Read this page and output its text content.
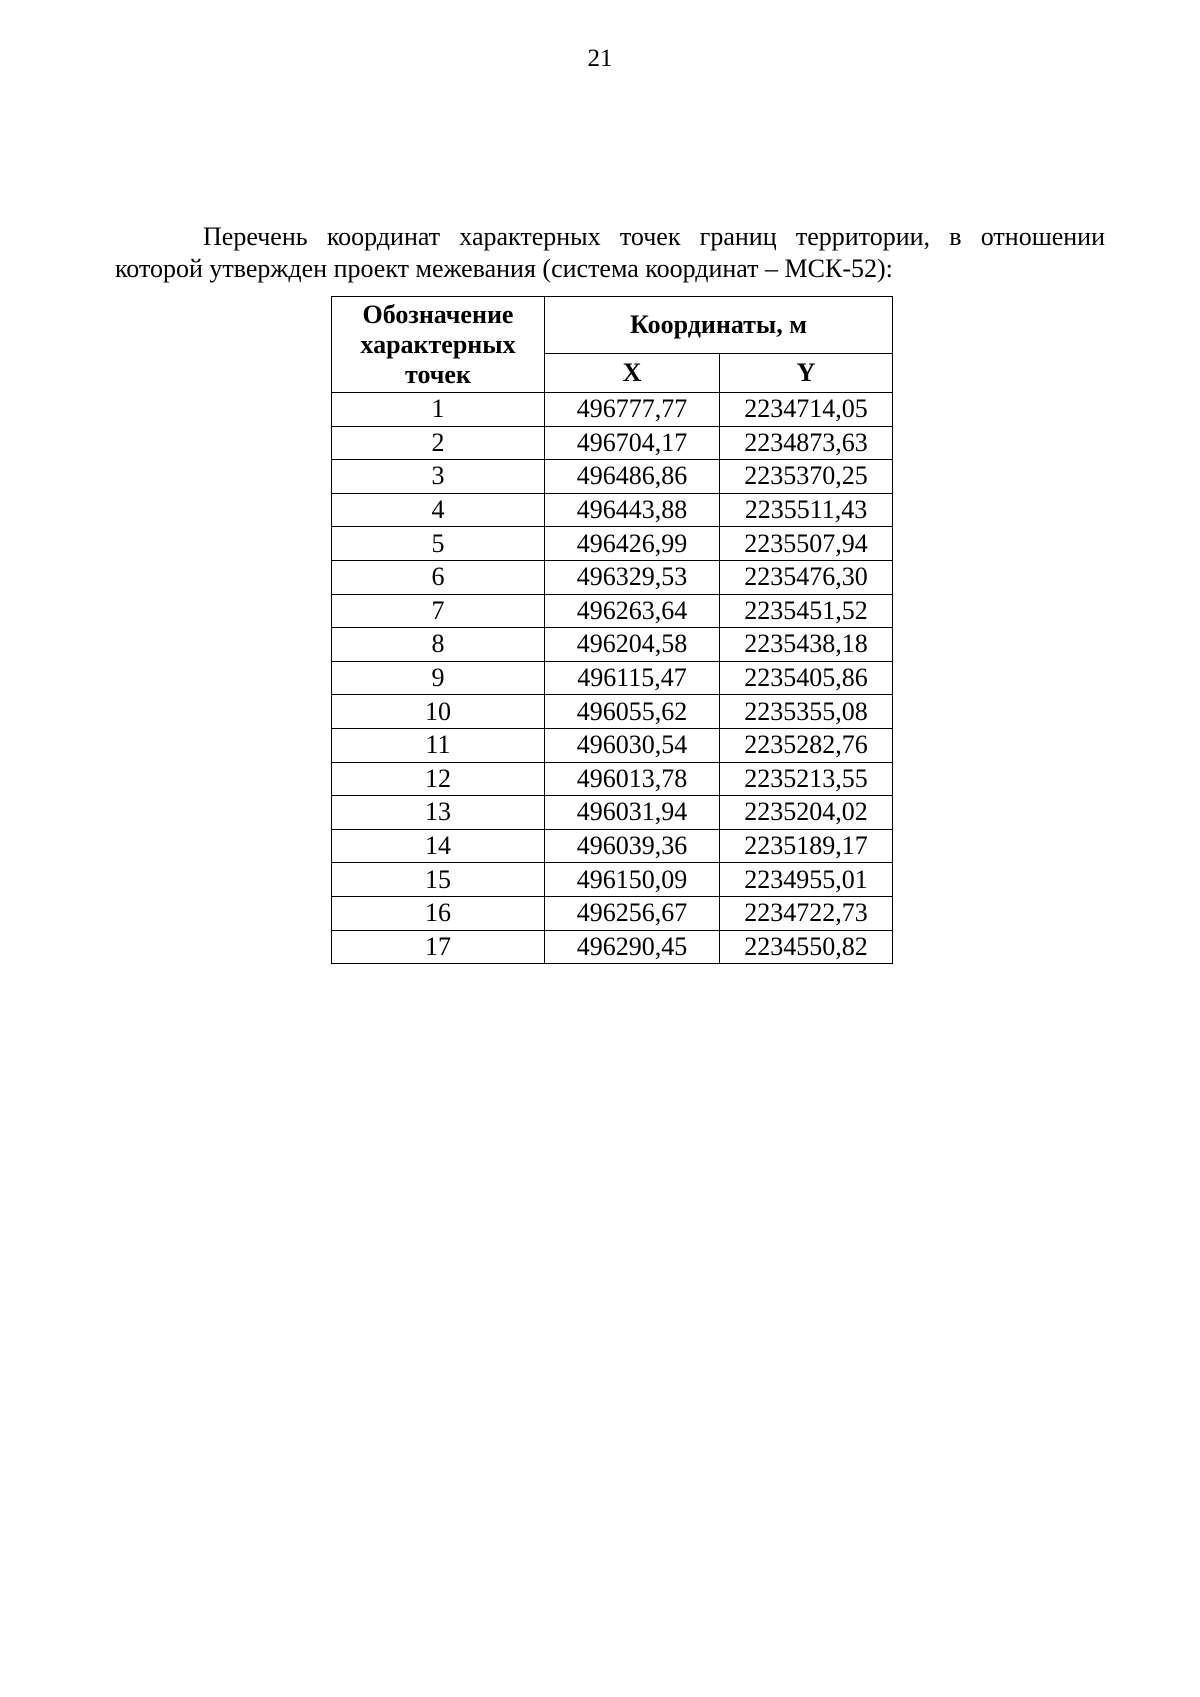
21

Перечень координат характерных точек границ территории, в отношении которой утвержден проект межевания (система координат – МСК-52):

Обозначение характерных точек	Координаты, м	
	X	Y
1	496777,77	2234714,05
2	496704,17	2234873,63
3	496486,86	2235370,25
4	496443,88	2235511,43
5	496426,99	2235507,94
6	496329,53	2235476,30
7	496263,64	2235451,52
8	496204,58	2235438,18
9	496115,47	2235405,86
10	496055,62	2235355,08
11	496030,54	2235282,76
12	496013,78	2235213,55
13	496031,94	2235204,02
14	496039,36	2235189,17
15	496150,09	2234955,01
16	496256,67	2234722,73
17	496290,45	2234550,82
